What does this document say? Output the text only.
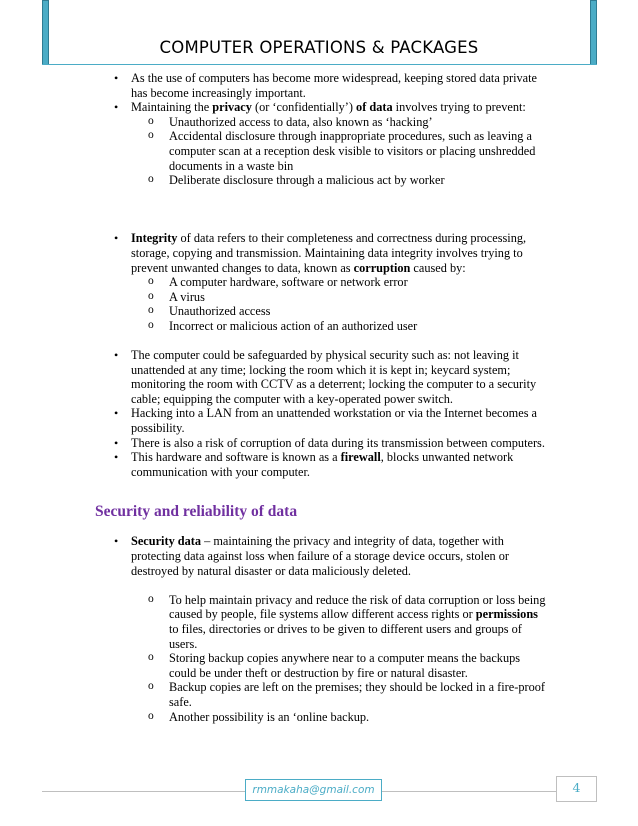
COMPUTER OPERATIONS & PACKAGES
• As the use of computers has become more widespread, keeping stored data private has become increasingly important.
• Maintaining the privacy (or ‘confidentially’) of data involves trying to prevent:
o Unauthorized access to data, also known as ‘hacking’
o Accidental disclosure through inappropriate procedures, such as leaving a computer scan at a reception desk visible to visitors or placing unshredded documents in a waste bin
o Deliberate disclosure through a malicious act by worker
• Integrity of data refers to their completeness and correctness during processing, storage, copying and transmission. Maintaining data integrity involves trying to prevent unwanted changes to data, known as corruption caused by:
o A computer hardware, software or network error
o A virus
o Unauthorized access
o Incorrect or malicious action of an authorized user
• The computer could be safeguarded by physical security such as: not leaving it unattended at any time; locking the room which it is kept in; keycard system; monitoring the room with CCTV as a deterrent; locking the computer to a security cable; equipping the computer with a key-operated power switch.
• Hacking into a LAN from an unattended workstation or via the Internet becomes a possibility.
• There is also a risk of corruption of data during its transmission between computers.
• This hardware and software is known as a firewall, blocks unwanted network communication with your computer.
Security and reliability of data
• Security data – maintaining the privacy and integrity of data, together with protecting data against loss when failure of a storage device occurs, stolen or destroyed by natural disaster or data maliciously deleted.
o To help maintain privacy and reduce the risk of data corruption or loss being caused by people, file systems allow different access rights or permissions to files, directories or drives to be given to different users and groups of users.
o Storing backup copies anywhere near to a computer means the backups could be under theft or destruction by fire or natural disaster.
o Backup copies are left on the premises; they should be locked in a fire-proof safe.
o Another possibility is an ‘online backup.
rmmakaha@gmail.com	4
